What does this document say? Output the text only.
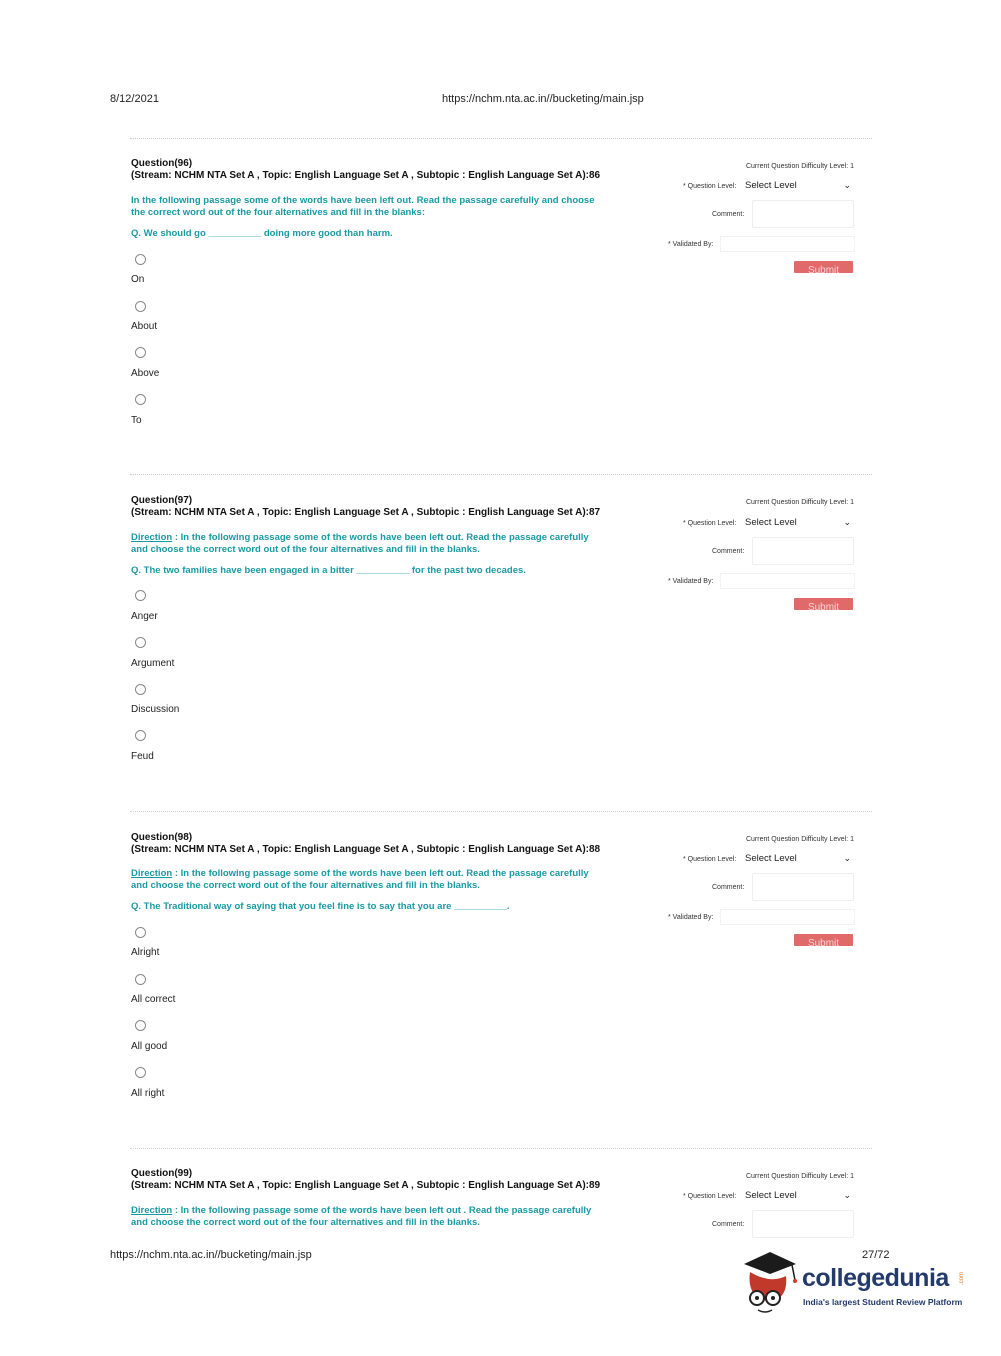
8/12/2021	https://nchm.nta.ac.in//bucketing/main.jsp
Question(96)
(Stream: NCHM NTA Set A , Topic: English Language Set A , Subtopic : English Language Set A):86
In the following passage some of the words have been left out. Read the passage carefully and choose the correct word out of the four alternatives and fill in the blanks:
Q. We should go __________ doing more good than harm.
On
About
Above
To
Current Question Difficulty Level: 1
* Question Level: Select Level	⌄
Comment:
* Validated By:
Submit
Question(97)
(Stream: NCHM NTA Set A , Topic: English Language Set A , Subtopic : English Language Set A):87
Direction : In the following passage some of the words have been left out. Read the passage carefully and choose the correct word out of the four alternatives and fill in the blanks.
Q. The two families have been engaged in a bitter __________ for the past two decades.
Anger
Argument
Discussion
Feud
Current Question Difficulty Level: 1
* Question Level: Select Level	⌄
Comment:
* Validated By:
Submit
Question(98)
(Stream: NCHM NTA Set A , Topic: English Language Set A , Subtopic : English Language Set A):88
Direction : In the following passage some of the words have been left out. Read the passage carefully and choose the correct word out of the four alternatives and fill in the blanks.
Q. The Traditional way of saying that you feel fine is to say that you are __________.
Alright
All correct
All good
All right
Current Question Difficulty Level: 1
* Question Level: Select Level	⌄
Comment:
* Validated By:
Submit
Question(99)
(Stream: NCHM NTA Set A , Topic: English Language Set A , Subtopic : English Language Set A):89
Direction : In the following passage some of the words have been left out . Read the passage carefully and choose the correct word out of the four alternatives and fill in the blanks.
Current Question Difficulty Level: 1
* Question Level: Select Level	⌄
Comment:
https://nchm.nta.ac.in//bucketing/main.jsp	27/72
collegedunia .com
India's largest Student Review Platform
